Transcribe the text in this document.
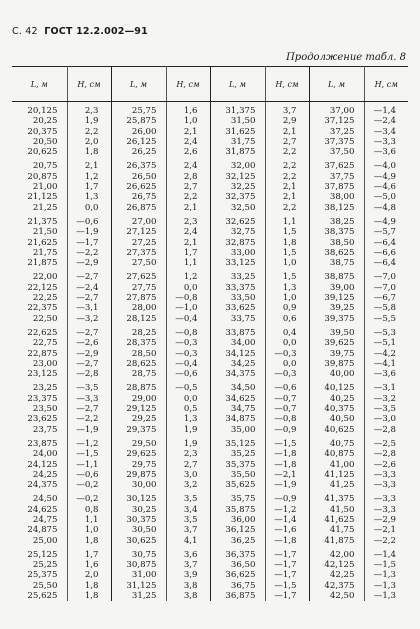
С. 42 ГОСТ 12.2.002—91
Продолжение табл. 8
L, м	H, см	L, м	H, см	L, м	H, см	L, м	H, см

20,125	2,3	25,75	1,6	31,375	3,7	37,00	—1,4
20,25	1,9	25,875	1,0	31,50	2,9	37,125	—2,4
20,375	2,2	26,00	2,1	31,625	2,1	37,25	—3,4
20,50	2,0	26,125	2,4	31,75	2,7	37,375	—3,3
20,625	1,8	26,25	2,6	31,875	2,2	37,50	—3,6

20,75	2,1	26,375	2,4	32,00	2,2	37,625	—4,0
20,875	1,2	26,50	2,8	32,125	2,2	37,75	—4,9
21,00	1,7	26,625	2,7	32,25	2,1	37,875	—4,6
21,125	1,3	26,75	2,2	32,375	2,1	38,00	—5,0
21,25	0,0	26,875	2,1	32,50	2,2	38,125	—4,8

21,375	—0,6	27,00	2,3	32,625	1,1	38,25	—4,9
21,50	—1,9	27,125	2,4	32,75	1,5	38,375	—5,7
21,625	—1,7	27,25	2,1	32,875	1,8	38,50	—6,4
21,75	—2,2	27,375	1,7	33,00	1,5	38,625	—6,6
21,875	—2,9	27,50	1,1	33,125	1,0	38,75	—6,4

22,00	—2,7	27,625	1,2	33,25	1,5	38,875	—7,0
22,125	—2,4	27,75	0,0	33,375	1,3	39,00	—7,0
22,25	—2,7	27,875	—0,8	33,50	1,0	39,125	—6,7
22,375	—3,1	28,00	—1,0	33,625	0,9	39,25	—5,8
22,50	—3,2	28,125	—0,4	33,75	0,6	39,375	—5,5

22,625	—2,7	28,25	—0,8	33,875	0,4	39,50	—5,3
22,75	—2,6	28,375	—0,3	34,00	0,0	39,625	—5,1
22,875	—2,9	28,50	—0,3	34,125	—0,3	39,75	—4,2
23,00	—2,7	28,625	—0,4	34,25	0,0	39,875	—4,1
23,125	—2,8	28,75	—0,6	34,375	—0,3	40,00	—3,6

23,25	—3,5	28,875	—0,5	34,50	—0,6	40,125	—3,1
23,375	—3,3	29,00	0,0	34,625	—0,7	40,25	—3,2
23,50	—2,7	29,125	0,5	34,75	—0,7	40,375	—3,5
23,625	—2,2	29,25	1,3	34,875	—0,8	40,50	—3,0
23,75	—1,9	29,375	1,9	35,00	—0,9	40,625	—2,8

23,875	—1,2	29,50	1,9	35,125	—1,5	40,75	—2,5
24,00	—1,5	29,625	2,3	35,25	—1,8	40,875	—2,8
24,125	—1,1	29,75	2,7	35,375	—1,8	41,00	—2,6
24,25	—0,6	29,875	3,0	35,50	—2,1	41,125	—3,3
24,375	—0,2	30,00	3,2	35,625	—1,9	41,25	—3,3

24,50	—0,2	30,125	3,5	35,75	—0,9	41,375	—3,3
24,625	0,8	30,25	3,4	35,875	—1,2	41,50	—3,3
24,75	1,1	30,375	3,5	36,00	—1,4	41,625	—2,9
24,875	1,0	30,50	3,7	36,125	—1,6	41,75	—2,1
25,00	1,8	30,625	4,1	36,25	—1,8	41,875	—2,2

25,125	1,7	30,75	3,6	36,375	—1,7	42,00	—1,4
25,25	1,6	30,875	3,7	36,50	—1,7	42,125	—1,5
25,375	2,0	31,00	3,9	36,625	—1,7	42,25	—1,3
25,50	1,8	31,125	3,8	36,75	—1,5	42,375	—1,3
25,625	1,8	31,25	3,8	36,875	—1,7	42,50	—1,3
